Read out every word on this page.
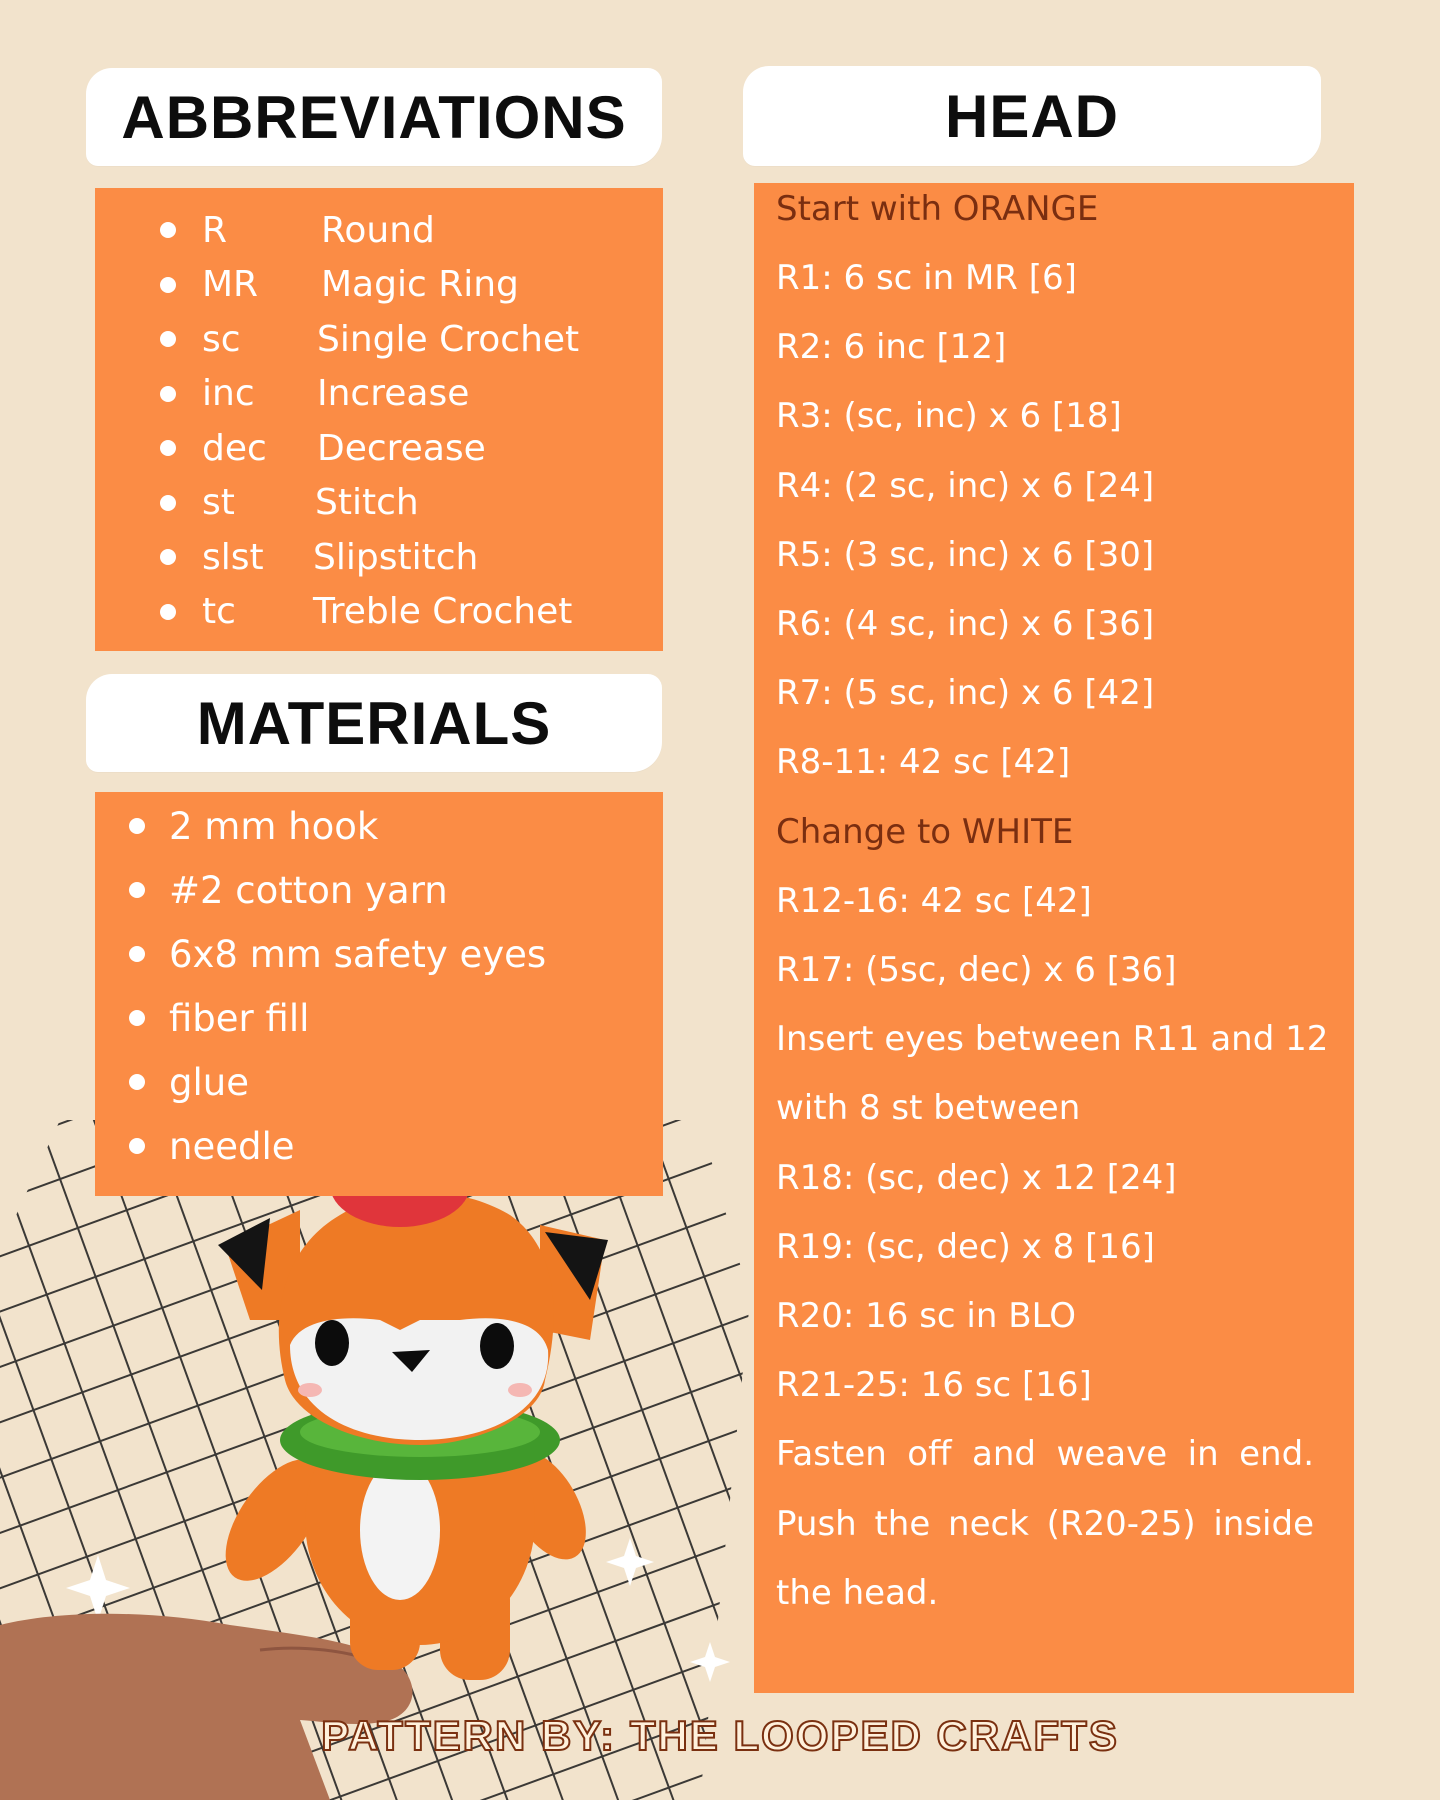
ABBREVIATIONS
R	Round
MR Magic Ring
sc Single Crochet
inc Increase
dec Decrease
st Stitch
slst Slipstitch
tc Treble Crochet
MATERIALS
2 mm hook
#2 cotton yarn
6x8 mm safety eyes
fiber fill
glue
needle
HEAD
Start with ORANGE
R1: 6 sc in MR [6]
R2: 6 inc [12]
R3: (sc, inc) x 6 [18]
R4: (2 sc, inc) x 6 [24]
R5: (3 sc, inc) x 6 [30]
R6: (4 sc, inc) x 6 [36]
R7: (5 sc, inc) x 6 [42]
R8-11: 42 sc [42]
Change to WHITE
R12-16: 42 sc [42]
R17: (5sc, dec) x 6 [36]
Insert eyes between R11 and 12
with 8 st between
R18: (sc, dec) x 12 [24]
R19: (sc, dec) x 8 [16]
R20: 16 sc in BLO
R21-25: 16 sc [16]
Fasten off and weave in end.
Push the neck (R20-25) inside
the head.
PATTERN BY: THE LOOPED CRAFTS
